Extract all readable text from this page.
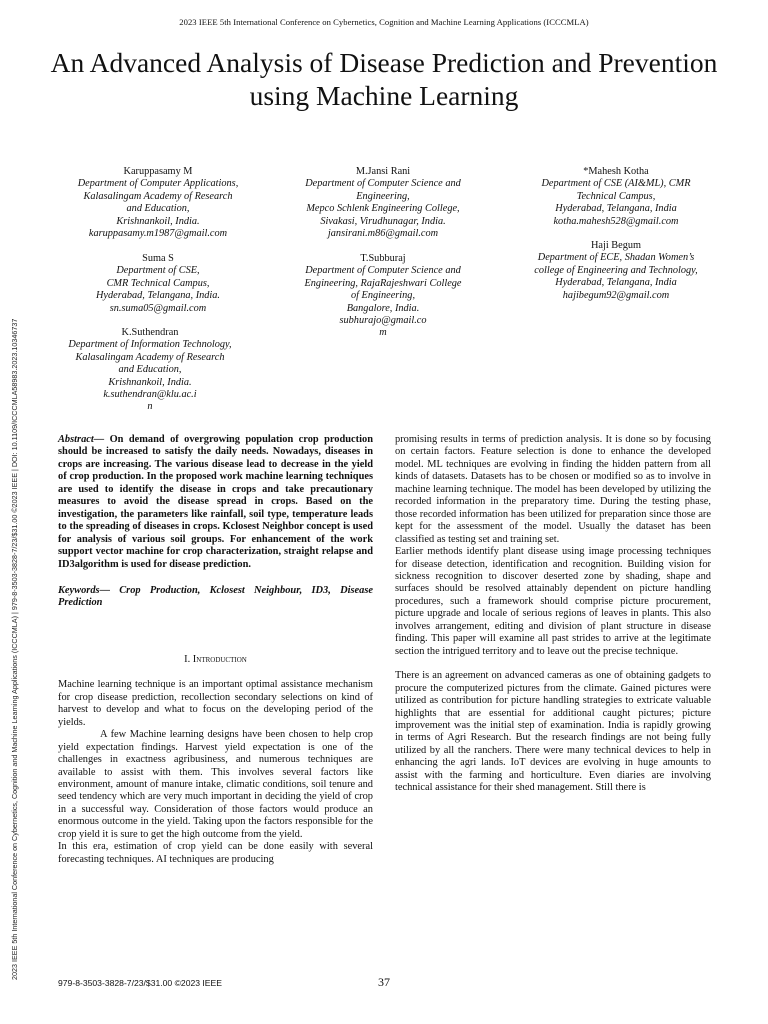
2023 IEEE 5th International Conference on Cybernetics, Cognition and Machine Learning Applications (ICCCMLA)
An Advanced Analysis of Disease Prediction and Prevention using Machine Learning
2023 IEEE 5th International Conference on Cybernetics, Cognition and Machine Learning Applications (ICCCMLA) | 979-8-3503-3828-7/23/$31.00 ©2023 IEEE | DOI: 10.1109/ICCCMLA58983.2023.10346737
Karuppasamy M
Department of Computer Applications,
Kalasalingam Academy of Research
and Education,
Krishnankoil, India.
karuppasamy.m1987@gmail.com
M.Jansi Rani
Department of Computer Science and
Engineering,
Mepco Schlenk Engineering College,
Sivakasi, Virudhunagar, India.
jansirani.m86@gmail.com
*Mahesh Kotha
Department of CSE (AI&ML), CMR
Technical Campus,
Hyderabad, Telangana, India
kotha.mahesh528@gmail.com
Suma S
Department of CSE,
CMR Technical Campus,
Hyderabad, Telangana, India.
sn.suma05@gmail.com
T.Subburaj
Department of Computer Science and
Engineering, RajaRajeshwari College
of Engineering,
Bangalore, India.
subhurajo@gmail.co
m
Haji Begum
Department of ECE, Shadan Women’s
college of Engineering and Technology,
Hyderabad, Telangana, India
hajibegum92@gmail.com
K.Suthendran
Department of Information Technology,
Kalasalingam Academy of Research
and Education,
Krishnankoil, India.
k.suthendran@klu.ac.i
n

Abstract— On demand of overgrowing population crop production should be increased to satisfy the daily needs. Nowadays, diseases in crops are increasing. The various disease lead to decrease in the yield of crop production. In the proposed work machine learning techniques are used to identify the disease in crops and take precautionary measures to avoid the disease spread in crops. Based on the investigation, the parameters like rainfall, soil type, temperature leads to the spreading of diseases in crops. Kclosest Neighbor concept is used for analysis of various soil groups. For enhancement of the work support vector machine for crop characterization, straight relapse and ID3algorithm is used for disease prediction.

Keywords— Crop Production, Kclosest Neighbour, ID3, Disease Prediction

I. Introduction

Machine learning technique is an important optimal assistance mechanism for crop disease prediction, recollection secondary selections on kind of harvest to develop and what to focus on the developing period of the yields.

A few Machine learning designs have been chosen to help crop yield expectation findings. Harvest yield expectation is one of the challenges in exactness agribusiness, and numerous techniques are available to assist with them. This involves several factors like environment, amount of manure intake, climatic conditions, soil tenure and seed tendency which are very much important in deciding the yield of crop in a successful way. Consideration of those factors would produce an enormous outcome in the yield. Taking upon the factors responsible for the crop yield it is sure to get the high outcome from the yield.

In this era, estimation of crop yield can be done easily with several forecasting techniques. AI techniques are producing

promising results in terms of prediction analysis. It is done so by focusing on certain factors. Feature selection is done to enhance the developed model. ML techniques are evolving in finding the hidden pattern from all kinds of datasets. Datasets has to be chosen or modified so as to involve in machine learning technique. The model has been developed by utilizing the recorded information in the preparatory time. During the testing phase, those recorded information has been utilized for preparation since those are kept for the assessment of the model. Usually the dataset has been classified as testing set and training set.

Earlier methods identify plant disease using image processing techniques for disease detection, identification and recognition. Building vision for sickness recognition to discover deserted zone by shading, shape and surfaces should be resolved attainably dependent on picture handling procedures, such a framework should comprise picture procurement, picture upgrade and locale of serious regions of leaves in plants. This also involves arrangement, editing and division of plant structure in disease finding. This paper will examine all past strides to arrive at the legitimate section the intrigued territory and to leave out the precise technique.

There is an agreement on advanced cameras as one of obtaining gadgets to procure the computerized pictures from the climate. Gained pictures were utilized as contribution for picture handling strategies to extricate valuable highlights that are essential for additional caught pictures; picture improvement was the initial step of examination. India is rapidly growing in terms of Agri Research. But the research findings are not being fully utilized by all the ranchers. There were many technical devices to help in enhancing the agri lands. IoT devices are evolving in huge amounts to assist with the farming and horticulture. Even diaries are involving technical assistance for their shed management. Still there is

979-8-3503-3828-7/23/$31.00 ©2023 IEEE	37
